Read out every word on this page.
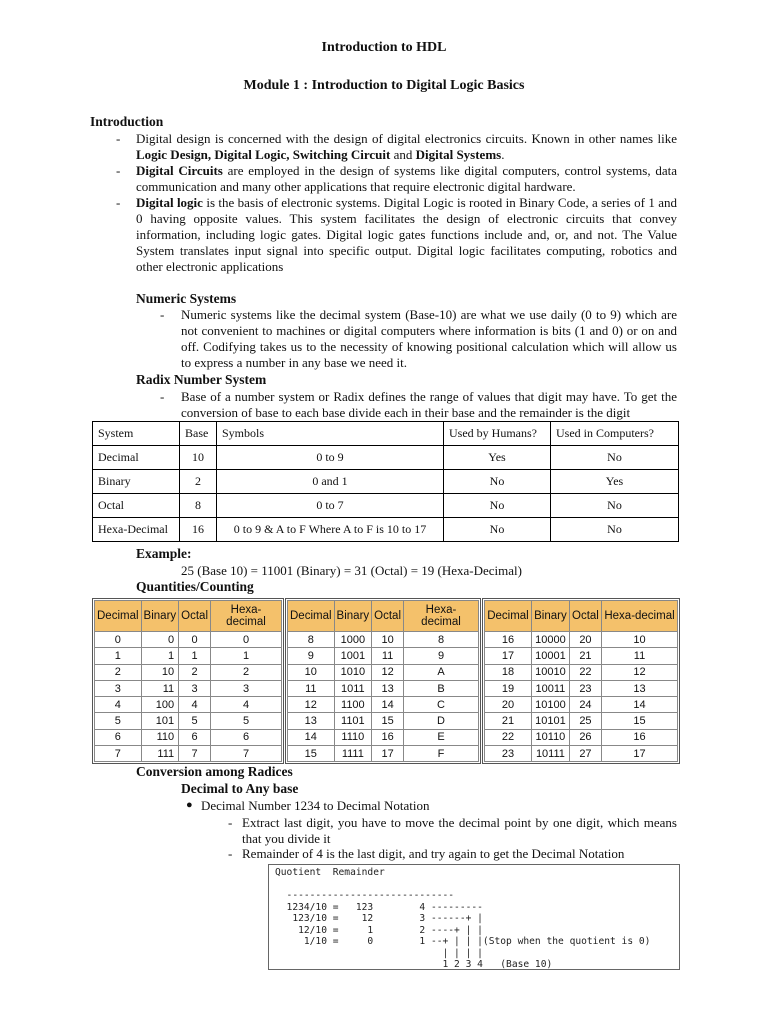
Introduction to HDL
Module 1 : Introduction to Digital Logic Basics
Introduction
- Digital design is concerned with the design of digital electronics circuits. Known in other names like Logic Design, Digital Logic, Switching Circuit and Digital Systems.
- Digital Circuits are employed in the design of systems like digital computers, control systems, data communication and many other applications that require electronic digital hardware.
- Digital logic is the basis of electronic systems. Digital Logic is rooted in Binary Code, a series of 1 and 0 having opposite values. This system facilitates the design of electronic circuits that convey information, including logic gates. Digital logic gates functions include and, or, and not. The Value System translates input signal into specific output. Digital logic facilitates computing, robotics and other electronic applications
Numeric Systems
- Numeric systems like the decimal system (Base-10) are what we use daily (0 to 9) which are not convenient to machines or digital computers where information is bits (1 and 0) or on and off. Codifying takes us to the necessity of knowing positional calculation which will allow us to express a number in any base we need it.
Radix Number System
- Base of a number system or Radix defines the range of values that digit may have. To get the conversion of base to each base divide each in their base and the remainder is the digit
System	Base	Symbols	Used by Humans?	Used in Computers?
Decimal	10	0 to 9	Yes	No
Binary	2	0 and 1	No	Yes
Octal	8	0 to 7	No	No
Hexa-Decimal	16	0 to 9 & A to F Where A to F is 10 to 17	No	No
Example:
25 (Base 10) = 11001 (Binary) = 31 (Octal) = 19 (Hexa-Decimal)
Quantities/Counting
Decimal	Binary	Octal	Hexa-decimal
0	0	0	0
1	1	1	1
2	10	2	2
3	11	3	3
4	100	4	4
5	101	5	5
6	110	6	6
7	111	7	7
Decimal	Binary	Octal	Hexa-decimal
8	1000	10	8
9	1001	11	9
10	1010	12	A
11	1011	13	B
12	1100	14	C
13	1101	15	D
14	1110	16	E
15	1111	17	F
Decimal	Binary	Octal	Hexa-decimal
16	10000	20	10
17	10001	21	11
18	10010	22	12
19	10011	23	13
20	10100	24	14
21	10101	25	15
22	10110	26	16
23	10111	27	17
Conversion among Radices
Decimal to Any base
● Decimal Number 1234 to Decimal Notation
- Extract last digit, you have to move the decimal point by one digit, which means that you divide it
- Remainder of 4 is the last digit, and try again to get the Decimal Notation
Quotient  Remainder

-----------------------------
1234/10 =   123        4 ---------
123/10 =    12        3 ------+ |
12/10 =     1        2 ----+ | |
1/10 =     0        1 --+ | | |(Stop when the quotient is 0)
| | | |
1 2 3 4   (Base 10)
